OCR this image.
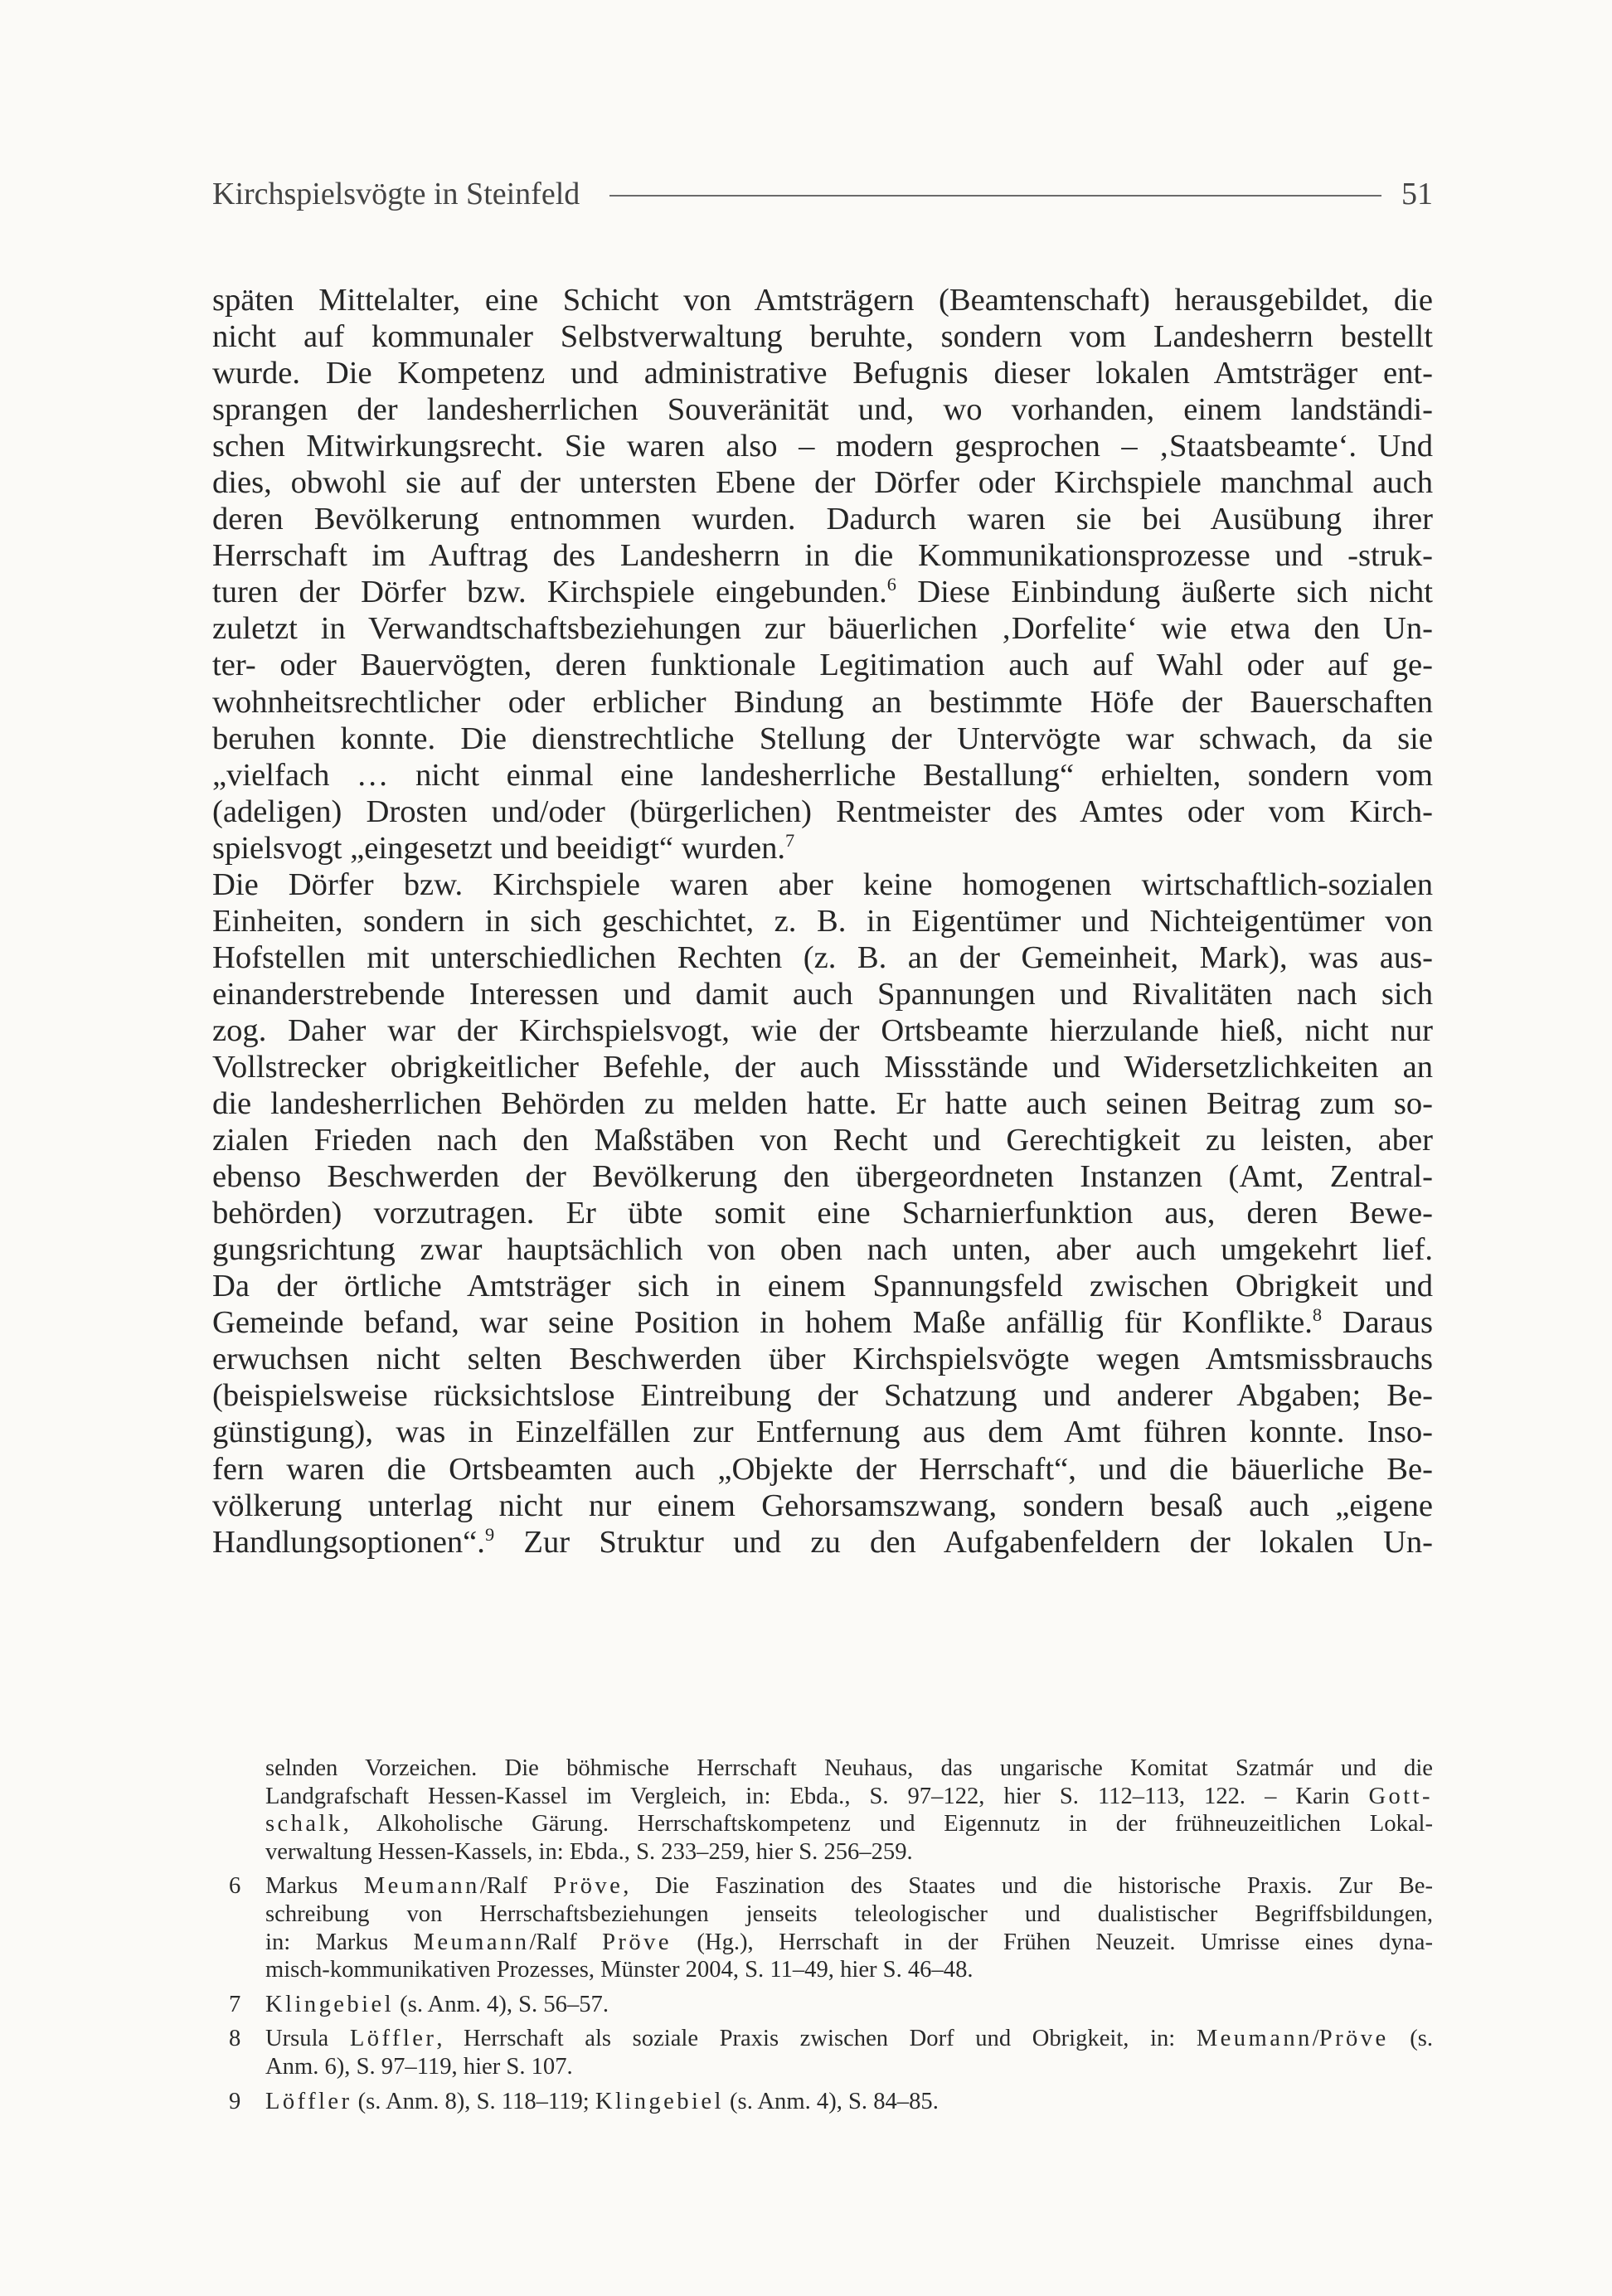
Kirchspielsvögte in Steinfeld	51
späten Mittelalter, eine Schicht von Amtsträgern (Beamtenschaft) herausgebildet, die
nicht auf kommunaler Selbstverwaltung beruhte, sondern vom Landesherrn bestellt
wurde. Die Kompetenz und administrative Befugnis dieser lokalen Amtsträger ent-
sprangen der landesherrlichen Souveränität und, wo vorhanden, einem landständi-
schen Mitwirkungsrecht. Sie waren also – modern gesprochen – ‚Staatsbeamte‘. Und
dies, obwohl sie auf der untersten Ebene der Dörfer oder Kirchspiele manchmal auch
deren Bevölkerung entnommen wurden. Dadurch waren sie bei Ausübung ihrer
Herrschaft im Auftrag des Landesherrn in die Kommunikationsprozesse und -struk-
turen der Dörfer bzw. Kirchspiele eingebunden.$^6$ Diese Einbindung äußerte sich nicht
zuletzt in Verwandtschaftsbeziehungen zur bäuerlichen ‚Dorfelite‘ wie etwa den Un-
ter- oder Bauervögten, deren funktionale Legitimation auch auf Wahl oder auf ge-
wohnheitsrechtlicher oder erblicher Bindung an bestimmte Höfe der Bauerschaften
beruhen konnte. Die dienstrechtliche Stellung der Untervögte war schwach, da sie
„vielfach … nicht einmal eine landesherrliche Bestallung“ erhielten, sondern vom
(adeligen) Drosten und/oder (bürgerlichen) Rentmeister des Amtes oder vom Kirch-
spielsvogt „eingesetzt und beeidigt“ wurden.$^7$
Die Dörfer bzw. Kirchspiele waren aber keine homogenen wirtschaftlich-sozialen
Einheiten, sondern in sich geschichtet, z. B. in Eigentümer und Nichteigentümer von
Hofstellen mit unterschiedlichen Rechten (z. B. an der Gemeinheit, Mark), was aus-
einanderstrebende Interessen und damit auch Spannungen und Rivalitäten nach sich
zog. Daher war der Kirchspielsvogt, wie der Ortsbeamte hierzulande hieß, nicht nur
Vollstrecker obrigkeitlicher Befehle, der auch Missstände und Widersetzlichkeiten an
die landesherrlichen Behörden zu melden hatte. Er hatte auch seinen Beitrag zum so-
zialen Frieden nach den Maßstäben von Recht und Gerechtigkeit zu leisten, aber
ebenso Beschwerden der Bevölkerung den übergeordneten Instanzen (Amt, Zentral-
behörden) vorzutragen. Er übte somit eine Scharnierfunktion aus, deren Bewe-
gungsrichtung zwar hauptsächlich von oben nach unten, aber auch umgekehrt lief.
Da der örtliche Amtsträger sich in einem Spannungsfeld zwischen Obrigkeit und
Gemeinde befand, war seine Position in hohem Maße anfällig für Konflikte.$^8$ Daraus
erwuchsen nicht selten Beschwerden über Kirchspielsvögte wegen Amtsmissbrauchs
(beispielsweise rücksichtslose Eintreibung der Schatzung und anderer Abgaben; Be-
günstigung), was in Einzelfällen zur Entfernung aus dem Amt führen konnte. Inso-
fern waren die Ortsbeamten auch „Objekte der Herrschaft“, und die bäuerliche Be-
völkerung unterlag nicht nur einem Gehorsamszwang, sondern besaß auch „eigene
Handlungsoptionen“.$^9$ Zur Struktur und zu den Aufgabenfeldern der lokalen Un-
selnden Vorzeichen. Die böhmische Herrschaft Neuhaus, das ungarische Komitat Szatmár und die
Landgrafschaft Hessen-Kassel im Vergleich, in: Ebda., S. 97–122, hier S. 112–113, 122. – Karin Gott-
schalk, Alkoholische Gärung. Herrschaftskompetenz und Eigennutz in der frühneuzeitlichen Lokal-
verwaltung Hessen-Kassels, in: Ebda., S. 233–259, hier S. 256–259.
6 Markus Meumann/Ralf Pröve, Die Faszination des Staates und die historische Praxis. Zur Be-
schreibung von Herrschaftsbeziehungen jenseits teleologischer und dualistischer Begriffsbildungen,
in: Markus Meumann/Ralf Pröve (Hg.), Herrschaft in der Frühen Neuzeit. Umrisse eines dyna-
misch-kommunikativen Prozesses, Münster 2004, S. 11–49, hier S. 46–48.
7 Klingebiel (s. Anm. 4), S. 56–57.
8 Ursula Löffler, Herrschaft als soziale Praxis zwischen Dorf und Obrigkeit, in: Meumann/Pröve (s.
Anm. 6), S. 97–119, hier S. 107.
9 Löffler (s. Anm. 8), S. 118–119; Klingebiel (s. Anm. 4), S. 84–85.
